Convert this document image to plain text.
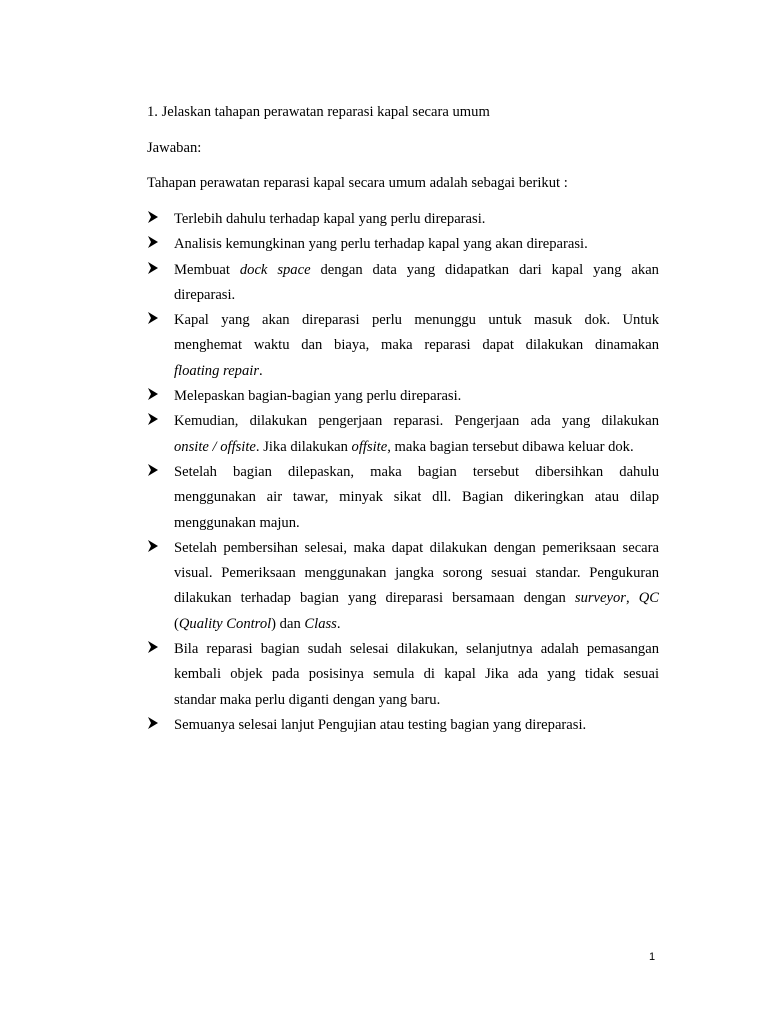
1. Jelaskan tahapan perawatan reparasi kapal secara umum
Jawaban:
Tahapan perawatan reparasi kapal secara umum adalah sebagai berikut :
Terlebih dahulu terhadap kapal yang perlu direparasi.
Analisis kemungkinan yang perlu terhadap kapal yang akan direparasi.
Membuat dock space dengan data yang didapatkan dari kapal yang akan
direparasi.
Kapal yang akan direparasi perlu menunggu untuk masuk dok. Untuk
menghemat waktu dan biaya, maka reparasi dapat dilakukan dinamakan
floating repair.
Melepaskan bagian-bagian yang perlu direparasi.
Kemudian, dilakukan pengerjaan reparasi. Pengerjaan ada yang dilakukan
onsite / offsite. Jika dilakukan offsite, maka bagian tersebut dibawa keluar dok.
Setelah bagian dilepaskan, maka bagian tersebut dibersihkan dahulu
menggunakan air tawar, minyak sikat dll. Bagian dikeringkan atau dilap
menggunakan majun.
Setelah pembersihan selesai, maka dapat dilakukan dengan pemeriksaan secara
visual. Pemeriksaan menggunakan jangka sorong sesuai standar. Pengukuran
dilakukan terhadap bagian yang direparasi bersamaan dengan surveyor, QC
(Quality Control) dan Class.
Bila reparasi bagian sudah selesai dilakukan, selanjutnya adalah pemasangan
kembali objek pada posisinya semula di kapal Jika ada yang tidak sesuai
standar maka perlu diganti dengan yang baru.
Semuanya selesai lanjut Pengujian atau testing bagian yang direparasi.
1
